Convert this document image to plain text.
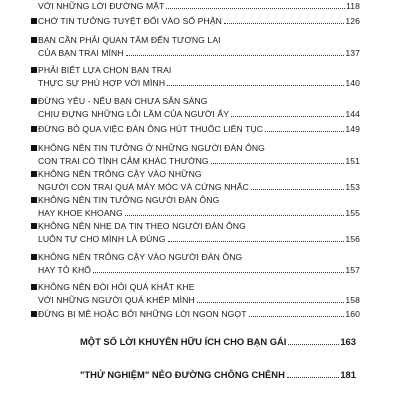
VỚI NHỮNG LỜI ĐƯỜNG MẬT	118
CHỚ TIN TƯỞNG TUYỆT ĐỐI VÀO SỐ PHẬN	126
BẠN CẦN PHẢI QUAN TÂM ĐẾN TƯƠNG LAI
CỦA BẠN TRAI MÌNH	137
PHẢI BIẾT LỰA CHỌN BẠN TRAI
THỰC SỰ PHÙ HỢP VỚI MÌNH	140
ĐỪNG YÊU - NẾU BẠN CHƯA SẴN SÀNG
CHỊU ĐỰNG NHỮNG LỖI LẦM CỦA NGƯỜI ẤY	144
ĐỪNG BỎ QUA VIỆC ĐÀN ÔNG HÚT THUỐC LIÊN TỤC	149
KHÔNG NÊN TIN TƯỞNG Ở NHỮNG NGƯỜI ĐÀN ÔNG
CON TRAI CÓ TÌNH CẢM KHÁC THƯỜNG	151
KHÔNG NÊN TRÔNG CẬY VÀO NHỮNG
NGƯỜI CON TRAI QUÁ MÁY MÓC VÀ CỨNG NHẮC	153
KHÔNG NÊN TIN TƯỞNG NGƯỜI ĐÀN ÔNG
HAY KHOE KHOANG	155
KHÔNG NÊN NHẸ DẠ TIN THEO NGƯỜI ĐÀN ÔNG
LUÔN TỰ CHO MÌNH LÀ ĐÚNG	156
KHÔNG NÊN TRÔNG CẬY VÀO NGƯỜI ĐÀN ÔNG
HAY TỎ KHỔ	157
KHÔNG NÊN ĐÒI HỎI QUÁ KHẮT KHE
VỚI NHỮNG NGƯỜI QUÁ KHÉP MÌNH	158
ĐỪNG BỊ MÊ HOẶC BỞI NHỮNG LỜI NGON NGỌT	160
MỘT SỐ LỜI KHUYÊN HỮU ÍCH CHO BẠN GÁI	163
"THỬ NGHIỆM" NẺO ĐƯỜNG CHÔNG CHÊNH	181
